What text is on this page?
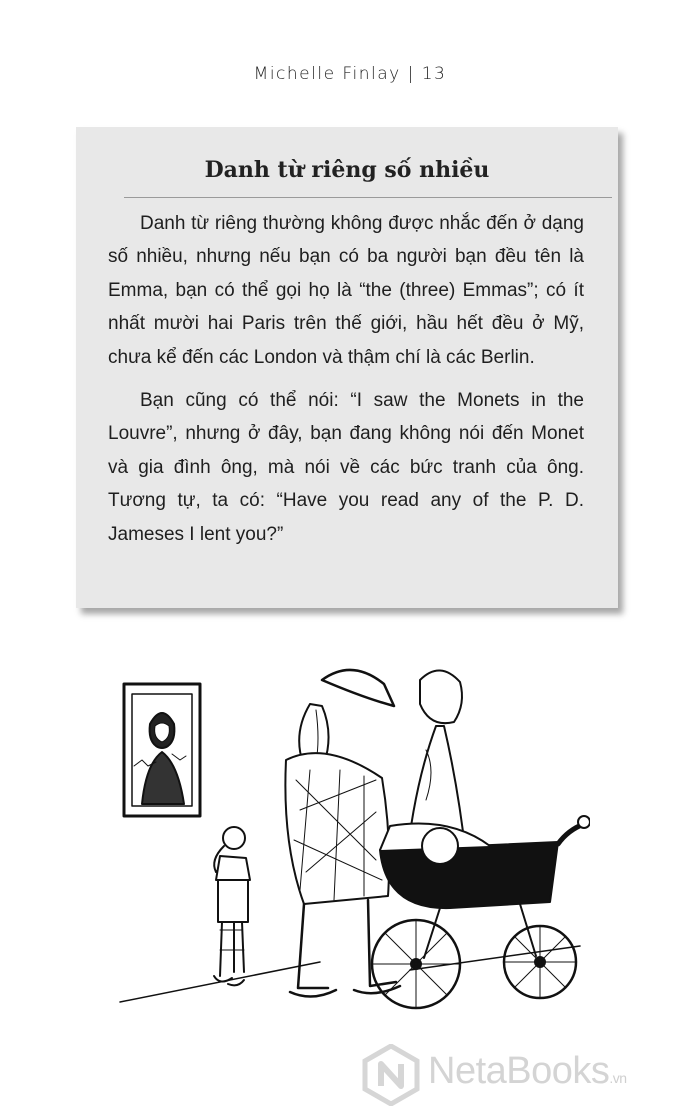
Michelle Finlay | 13
Danh từ riêng số nhiều

Danh từ riêng thường không được nhắc đến ở dạng số nhiều, nhưng nếu bạn có ba người bạn đều tên là Emma, bạn có thể gọi họ là “the (three) Emmas”; có ít nhất mười hai Paris trên thế giới, hầu hết đều ở Mỹ, chưa kể đến các London và thậm chí là các Berlin.

Bạn cũng có thể nói: “I saw the Monets in the Louvre”, nhưng ở đây, bạn đang không nói đến Monet và gia đình ông, mà nói về các bức tranh của ông. Tương tự, ta có: “Have you read any of the P. D. Jameses I lent you?”

NetaBooks.vn
